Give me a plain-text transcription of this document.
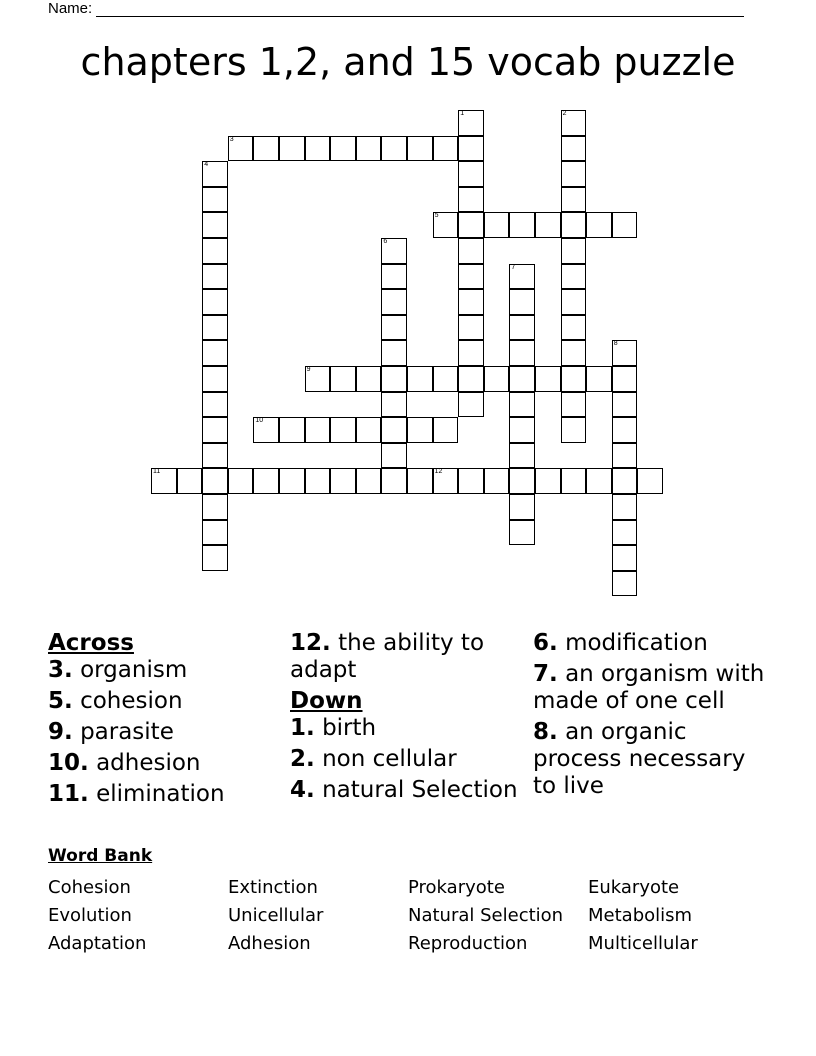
Name:
chapters 1,2, and 15 vocab puzzle
1	2
3
4
5
6
7
8
9
10
11	12
Across
3. organism
5. cohesion
9. parasite
10. adhesion
11. elimination
12. the ability to adapt
Down
1. birth
2. non cellular
4. natural Selection
6. modification
7. an organism with made of one cell
8. an organic process necessary to live
Word Bank
Cohesion
Evolution
Adaptation
Extinction
Unicellular
Adhesion
Prokaryote
Natural Selection
Reproduction
Eukaryote
Metabolism
Multicellular
